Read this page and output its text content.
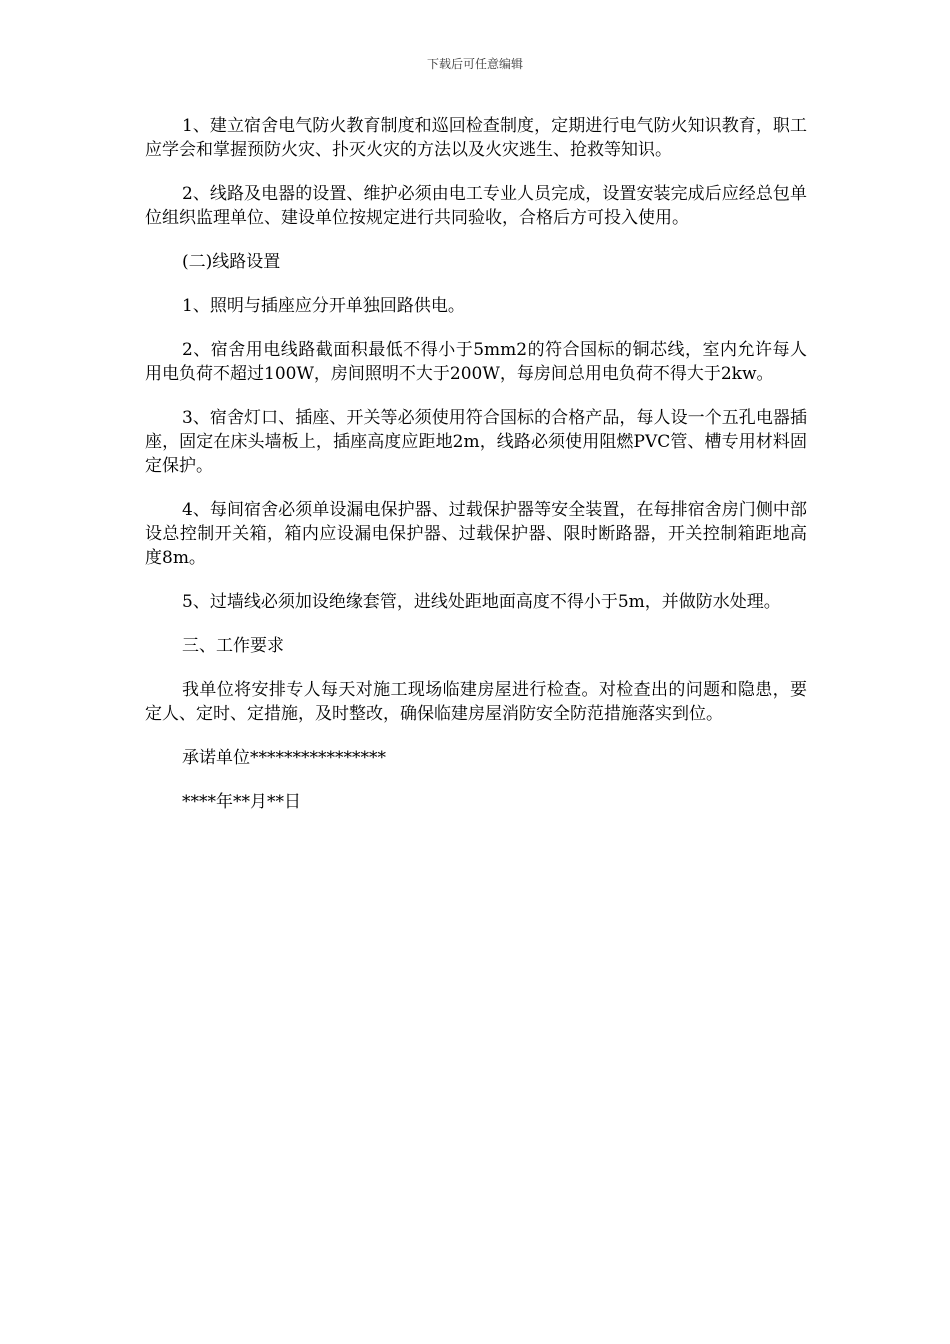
下载后可任意编辑

1、建立宿舍电气防火教育制度和巡回检查制度，定期进行电气防火知识教育，职工应学会和掌握预防火灾、扑灭火灾的方法以及火灾逃生、抢救等知识。

2、线路及电器的设置、维护必须由电工专业人员完成，设置安装完成后应经总包单位组织监理单位、建设单位按规定进行共同验收，合格后方可投入使用。

(二)线路设置

1、照明与插座应分开单独回路供电。

2、宿舍用电线路截面积最低不得小于5mm2的符合国标的铜芯线，室内允许每人用电负荷不超过100W，房间照明不大于200W，每房间总用电负荷不得大于2kw。

3、宿舍灯口、插座、开关等必须使用符合国标的合格产品，每人设一个五孔电器插座，固定在床头墙板上，插座高度应距地2m，线路必须使用阻燃PVC管、槽专用材料固定保护。

4、每间宿舍必须单设漏电保护器、过载保护器等安全装置，在每排宿舍房门侧中部设总控制开关箱，箱内应设漏电保护器、过载保护器、限时断路器，开关控制箱距地高度8m。

5、过墙线必须加设绝缘套管，进线处距地面高度不得小于5m，并做防水处理。

三、工作要求

我单位将安排专人每天对施工现场临建房屋进行检查。对检查出的问题和隐患，要定人、定时、定措施，及时整改，确保临建房屋消防安全防范措施落实到位。

承诺单位****************

****年**月**日
